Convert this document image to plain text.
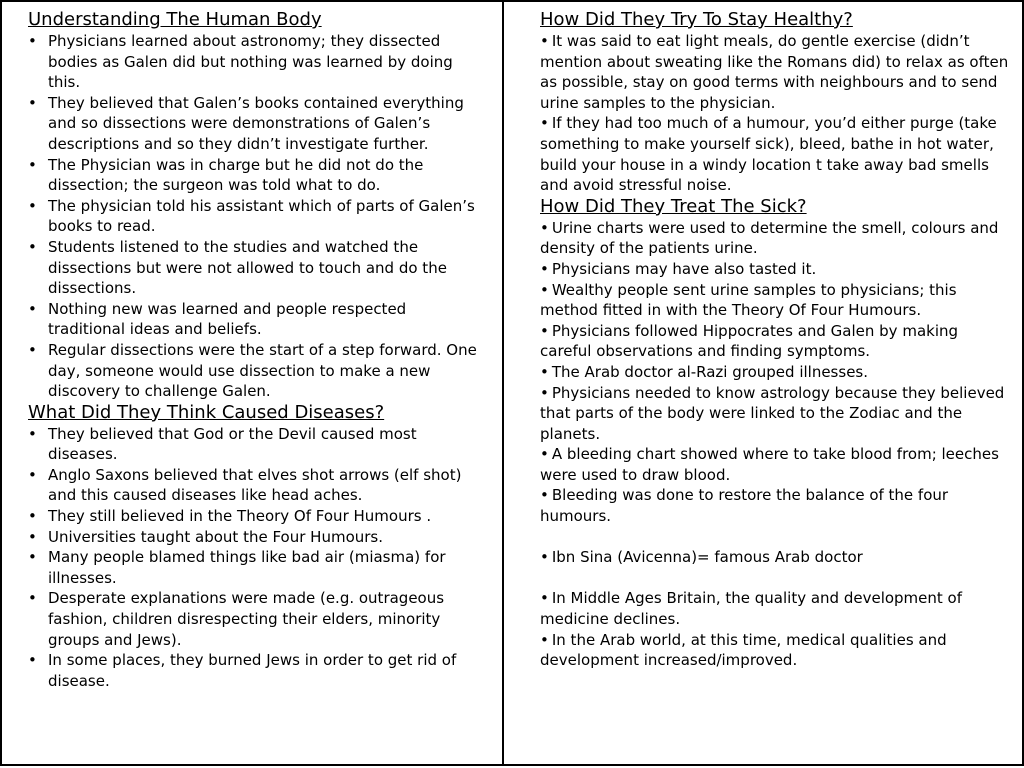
Understanding The Human Body
• Physicians learned about astronomy; they dissected bodies as Galen did but nothing was learned by doing this.
• They believed that Galen’s books contained everything and so dissections were demonstrations of Galen’s descriptions and so they didn’t investigate further.
• The Physician was in charge but he did not do the dissection; the surgeon was told what to do.
• The physician told his assistant which of parts of Galen’s books to read.
• Students listened to the studies and watched the dissections but were not allowed to touch and do the dissections.
• Nothing new was learned and people respected traditional ideas and beliefs.
• Regular dissections were the start of a step forward. One day, someone would use dissection to make a new discovery to challenge Galen.
What Did They Think Caused Diseases?
• They believed that God or the Devil caused most diseases.
• Anglo Saxons believed that elves shot arrows (elf shot) and this caused diseases like head aches.
• They still believed in the Theory Of Four Humours .
• Universities taught about the Four Humours.
• Many people blamed things like bad air (miasma) for illnesses.
• Desperate explanations were made (e.g. outrageous fashion, children disrespecting their elders, minority groups and Jews).
• In some places, they burned Jews in order to get rid of disease.
How Did They Try To Stay Healthy?
• It was said to eat light meals, do gentle exercise (didn’t mention about sweating like the Romans did) to relax as often as possible, stay on good terms with neighbours and to send urine samples to the physician.
• If they had too much of a humour, you’d either purge (take something to make yourself sick), bleed, bathe in hot water, build your house in a windy location t take away bad smells and avoid stressful noise.
How Did They Treat The Sick?
• Urine charts were used to determine the smell, colours and density of the patients urine.
• Physicians may have also tasted it.
• Wealthy people sent urine samples to physicians; this method fitted in with the Theory Of Four Humours.
• Physicians followed Hippocrates and Galen by making careful observations and finding symptoms.
• The Arab doctor al-Razi grouped illnesses.
• Physicians needed to know astrology because they believed that parts of the body were linked to the Zodiac and the planets.
• A bleeding chart showed where to take blood from; leeches were used to draw blood.
• Bleeding was done to restore the balance of the four humours.
• Ibn Sina (Avicenna)= famous Arab doctor
• In Middle Ages Britain, the quality and development of medicine declines.
• In the Arab world, at this time, medical qualities and development increased/improved.
